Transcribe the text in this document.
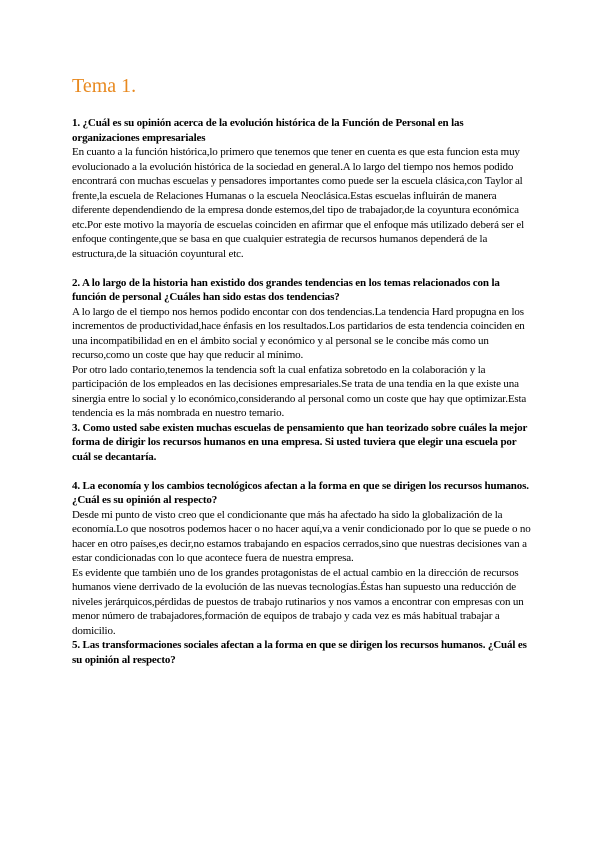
Tema 1.

1. ¿Cuál es su opinión acerca de la evolución histórica de la Función de Personal en las organizaciones empresariales

En cuanto a la función histórica,lo primero que tenemos que tener en cuenta es que esta funcion esta muy evolucionado a la evolución histórica de la sociedad en general.A lo largo del tiempo nos hemos podido encontrará con muchas escuelas y pensadores importantes como puede ser la escuela clásica,con Taylor al frente,la escuela de Relaciones Humanas o la escuela Neoclásica.Estas escuelas influirán de manera diferente dependendiendo de la empresa donde estemos,del tipo de trabajador,de la coyuntura económica etc.Por este motivo la mayoría de escuelas coinciden en afirmar que el enfoque más utilizado deberá ser el enfoque contingente,que se basa en que cualquier estrategia de recursos humanos dependerá de la estructura,de la situación coyuntural etc.

2. A lo largo de la historia han existido dos grandes tendencias en los temas relacionados con la función de personal ¿Cuáles han sido estas dos tendencias?

A lo largo de el tiempo nos hemos podido encontar con dos tendencias.La tendencia Hard propugna en los incrementos de productividad,hace énfasis en los resultados.Los partidarios de esta tendencia coinciden en una incompatibilidad en en el ámbito social y económico y al personal se le concibe más como un recurso,como un coste que hay que reducir al mínimo.

Por otro lado contario,tenemos la tendencia soft la cual enfatiza sobretodo en la colaboración y la participación de los empleados en las decisiones empresariales.Se trata de una tendia en la que existe una sinergia entre lo social y lo económico,considerando al personal como un coste que hay que optimizar.Esta tendencia es la más nombrada en nuestro temario.

3. Como usted sabe existen muchas escuelas de pensamiento que han teorizado sobre cuáles la mejor forma de dirigir los recursos humanos en una empresa. Si usted tuviera que elegir una escuela por cuál se decantaría.

4. La economía y los cambios tecnológicos afectan a la forma en que se dirigen los recursos humanos. ¿Cuál es su opinión al respecto?

Desde mi punto de visto creo que el condicionante que más ha afectado ha sido la globalización de la economía.Lo que nosotros podemos hacer o no hacer aquí,va a venir condicionado por lo que se puede o no hacer en otro países,es decir,no estamos trabajando en espacios cerrados,sino que nuestras decisiones van a estar condicionadas con lo que acontece fuera de nuestra empresa.

Es evidente que también uno de los grandes protagonistas de el actual cambio en la dirección de recursos humanos viene derrivado de la evolución de las nuevas tecnologías.Éstas han supuesto una reducción de niveles jerárquicos,pérdidas de puestos de trabajo rutinarios y nos vamos a encontrar con empresas con un menor número de trabajadores,formación de equipos de trabajo y cada vez es más habitual trabajar a domicilio.

5. Las transformaciones sociales afectan a la forma en que se dirigen los recursos humanos. ¿Cuál es su opinión al respecto?
